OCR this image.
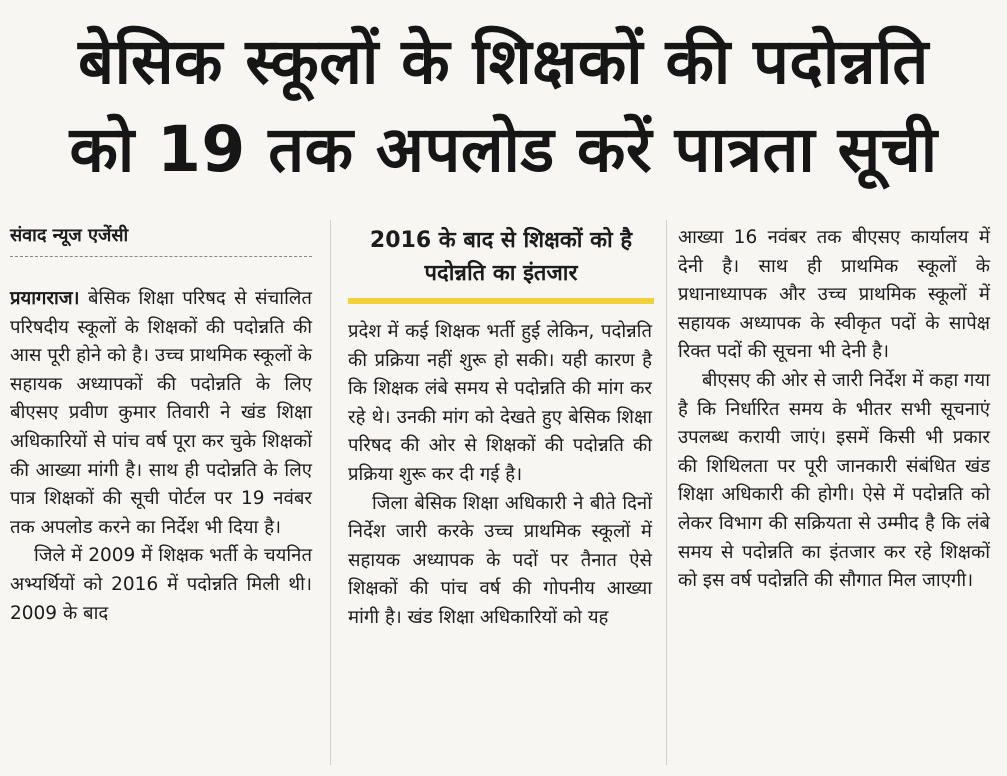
बेसिक स्कूलों के शिक्षकों की पदोन्नति
को 19 तक अपलोड करें पात्रता सूची
संवाद न्यूज एजेंसी

प्रयागराज। बेसिक शिक्षा परिषद से संचालित परिषदीय स्कूलों के शिक्षकों की पदोन्नति की आस पूरी होने को है। उच्च प्राथमिक स्कूलों के सहायक अध्यापकों की पदोन्नति के लिए बीएसए प्रवीण कुमार तिवारी ने खंड शिक्षा अधिकारियों से पांच वर्ष पूरा कर चुके शिक्षकों की आख्या मांगी है। साथ ही पदोन्नति के लिए पात्र शिक्षकों की सूची पोर्टल पर 19 नवंबर तक अपलोड करने का निर्देश भी दिया है।

जिले में 2009 में शिक्षक भर्ती के चयनित अभ्यर्थियों को 2016 में पदोन्नति मिली थी। 2009 के बाद

2016 के बाद से शिक्षकों को है पदोन्नति का इंतजार

प्रदेश में कई शिक्षक भर्ती हुई लेकिन, पदोन्नति की प्रक्रिया नहीं शुरू हो सकी। यही कारण है कि शिक्षक लंबे समय से पदोन्नति की मांग कर रहे थे। उनकी मांग को देखते हुए बेसिक शिक्षा परिषद की ओर से शिक्षकों की पदोन्नति की प्रक्रिया शुरू कर दी गई है।

जिला बेसिक शिक्षा अधिकारी ने बीते दिनों निर्देश जारी करके उच्च प्राथमिक स्कूलों में सहायक अध्यापक के पदों पर तैनात ऐसे शिक्षकों की पांच वर्ष की गोपनीय आख्या मांगी है। खंड शिक्षा अधिकारियों को यह

आख्या 16 नवंबर तक बीएसए कार्यालय में देनी है। साथ ही प्राथमिक स्कूलों के प्रधानाध्यापक और उच्च प्राथमिक स्कूलों में सहायक अध्यापक के स्वीकृत पदों के सापेक्ष रिक्त पदों की सूचना भी देनी है।

बीएसए की ओर से जारी निर्देश में कहा गया है कि निर्धारित समय के भीतर सभी सूचनाएं उपलब्ध करायी जाएं। इसमें किसी भी प्रकार की शिथिलता पर पूरी जानकारी संबंधित खंड शिक्षा अधिकारी की होगी। ऐसे में पदोन्नति को लेकर विभाग की सक्रियता से उम्मीद है कि लंबे समय से पदोन्नति का इंतजार कर रहे शिक्षकों को इस वर्ष पदोन्नति की सौगात मिल जाएगी।
